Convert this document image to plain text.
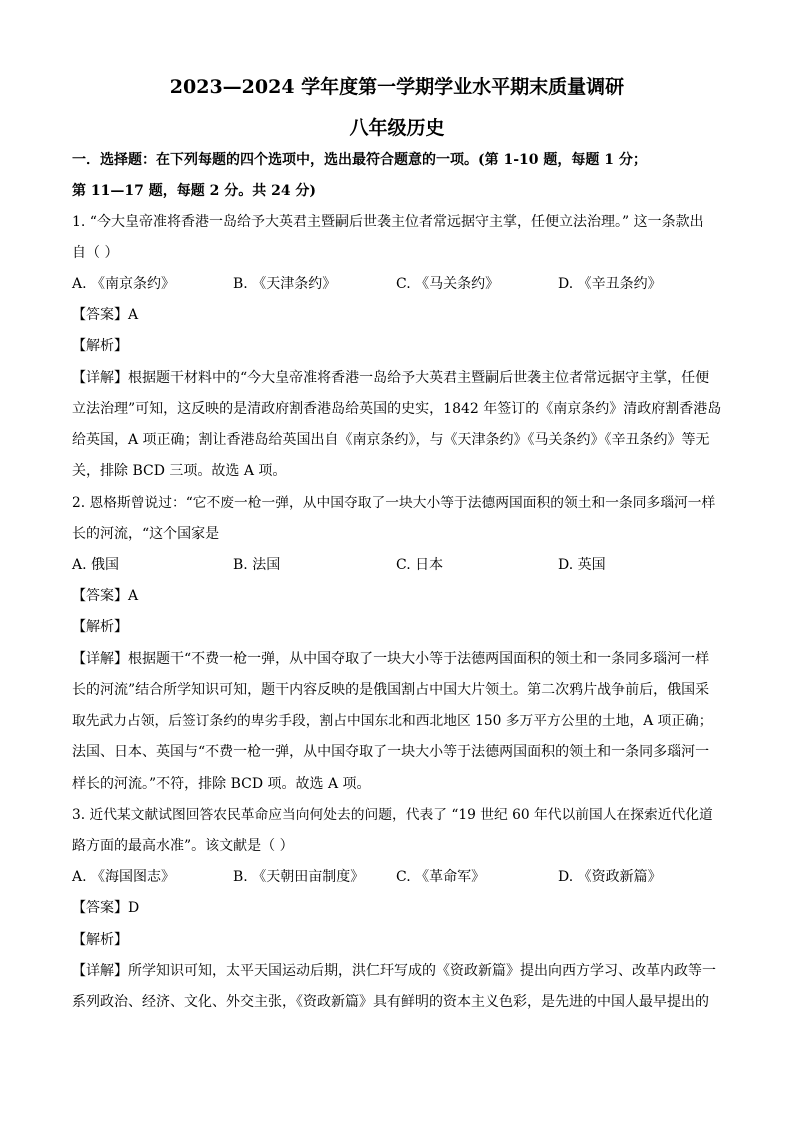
2023—2024 学年度第一学期学业水平期末质量调研
八年级历史
一．选择题：在下列每题的四个选项中，选出最符合题意的一项。(第 1-10 题，每题 1 分；
第 11—17 题，每题 2 分。共 24 分)
1. “今大皇帝准将香港一岛给予大英君主暨嗣后世袭主位者常远据守主掌，任便立法治理。” 这一条款出
自（ ）
A. 《南京条约》	B. 《天津条约》	C. 《马关条约》	D. 《辛丑条约》
【答案】A
【解析】
【详解】根据题干材料中的“今大皇帝准将香港一岛给予大英君主暨嗣后世袭主位者常远据守主掌，任便
立法治理”可知，这反映的是清政府割香港岛给英国的史实，1842 年签订的《南京条约》清政府割香港岛
给英国，A 项正确；割让香港岛给英国出自《南京条约》，与《天津条约》《马关条约》《辛丑条约》等无
关，排除 BCD 三项。故选 A 项。
2. 恩格斯曾说过：“它不废一枪一弹，从中国夺取了一块大小等于法德两国面积的领土和一条同多瑙河一样
长的河流，“这个国家是
A. 俄国	B. 法国	C. 日本	D. 英国
【答案】A
【解析】
【详解】根据题干“不费一枪一弹，从中国夺取了一块大小等于法德两国面积的领土和一条同多瑙河一样
长的河流”结合所学知识可知，题干内容反映的是俄国割占中国大片领土。第二次鸦片战争前后，俄国采
取先武力占领，后签订条约的卑劣手段，割占中国东北和西北地区 150 多万平方公里的土地，A 项正确；
法国、日本、英国与“不费一枪一弹，从中国夺取了一块大小等于法德两国面积的领土和一条同多瑙河一
样长的河流。”不符，排除 BCD 项。故选 A 项。
3. 近代某文献试图回答农民革命应当向何处去的问题，代表了 “19 世纪 60 年代以前国人在探索近代化道
路方面的最高水准”。该文献是（ ）
A. 《海国图志》	B. 《天朝田亩制度》 C. 《革命军》	D. 《资政新篇》
【答案】D
【解析】
【详解】所学知识可知，太平天国运动后期，洪仁玕写成的《资政新篇》提出向西方学习、改革内政等一
系列政治、经济、文化、外交主张，《资政新篇》具有鲜明的资本主义色彩，是先进的中国人最早提出的
